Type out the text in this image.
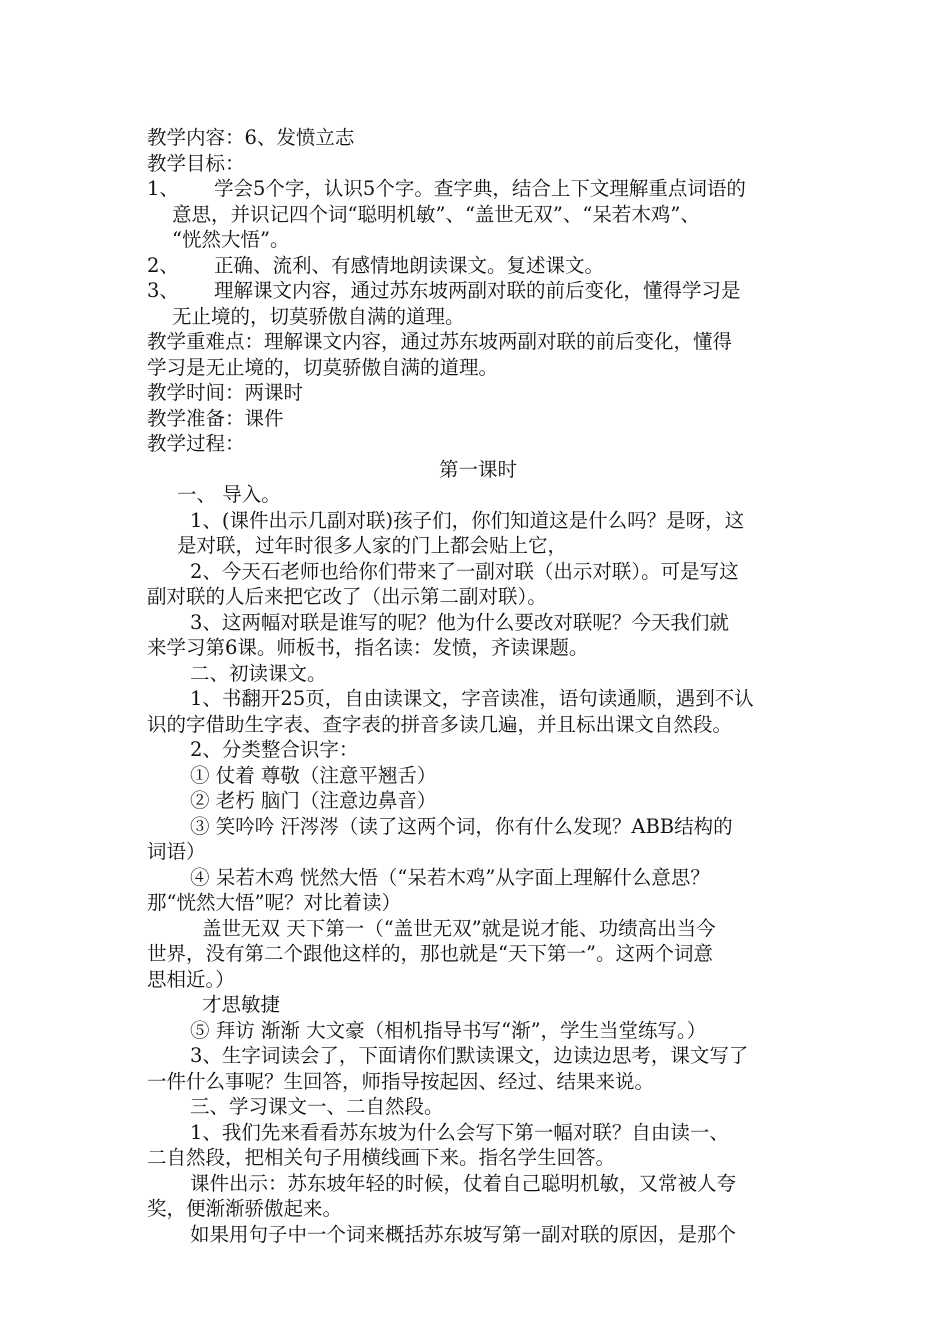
教学内容：6、发愤立志

教学目标：

1、 学会5个字，认识5个字。查字典，结合上下文理解重点词语的

意思，并识记四个词“聪明机敏”、“盖世无双”、“呆若木鸡”、

“恍然大悟”。

2、 正确、流利、有感情地朗读课文。复述课文。

3、 理解课文内容，通过苏东坡两副对联的前后变化，懂得学习是

无止境的，切莫骄傲自满的道理。

教学重难点：理解课文内容，通过苏东坡两副对联的前后变化，懂得

学习是无止境的，切莫骄傲自满的道理。

教学时间：两课时

教学准备：课件

教学过程：

第一课时

一、 导入。

1、(课件出示几副对联)孩子们，你们知道这是什么吗？是呀，这

是对联，过年时很多人家的门上都会贴上它，

2、今天石老师也给你们带来了一副对联（出示对联）。可是写这

副对联的人后来把它改了（出示第二副对联）。

3、这两幅对联是谁写的呢？他为什么要改对联呢？今天我们就

来学习第6课。师板书，指名读：发愤，齐读课题。

二、初读课文。

1、书翻开25页，自由读课文，字音读准，语句读通顺，遇到不认

识的字借助生字表、查字表的拼音多读几遍，并且标出课文自然段。

2、分类整合识字：

① 仗着 尊敬（注意平翘舌）

② 老朽 脑门（注意边鼻音）

③ 笑吟吟 汗涔涔（读了这两个词，你有什么发现？ABB结构的

词语）

④ 呆若木鸡 恍然大悟（“呆若木鸡”从字面上理解什么意思？

那“恍然大悟”呢？对比着读）

盖世无双 天下第一（“盖世无双”就是说才能、功绩高出当今

世界，没有第二个跟他这样的，那也就是“天下第一”。这两个词意

思相近。）

才思敏捷

⑤ 拜访 渐渐 大文豪（相机指导书写“渐”，学生当堂练写。）

3、生字词读会了，下面请你们默读课文，边读边思考，课文写了

一件什么事呢？生回答，师指导按起因、经过、结果来说。

三、学习课文一、二自然段。

1、我们先来看看苏东坡为什么会写下第一幅对联？自由读一、

二自然段，把相关句子用横线画下来。指名学生回答。

课件出示：苏东坡年轻的时候，仗着自己聪明机敏，又常被人夸

奖，便渐渐骄傲起来。

如果用句子中一个词来概括苏东坡写第一副对联的原因，是那个
